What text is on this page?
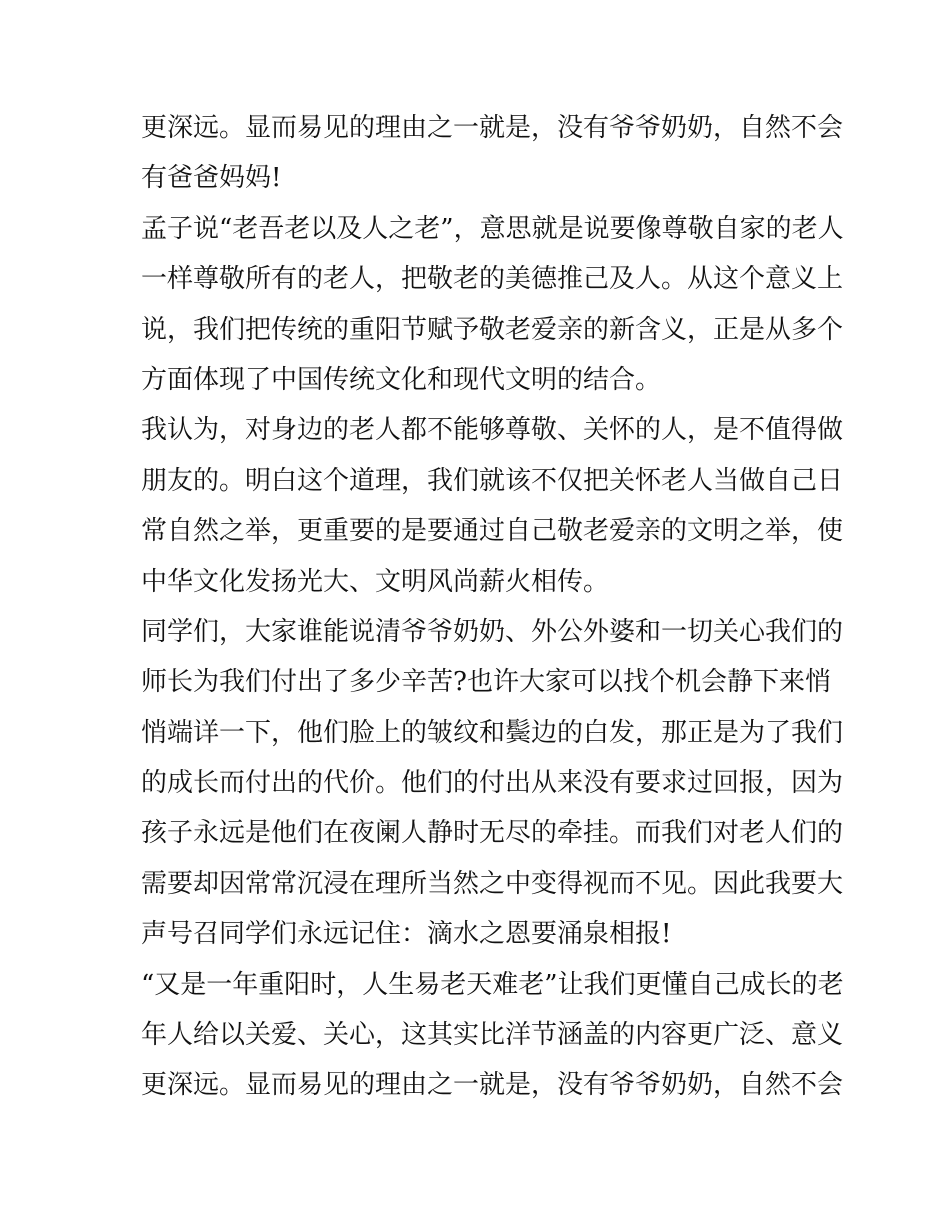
更深远。显而易见的理由之一就是，没有爷爷奶奶，自然不会
有爸爸妈妈!
孟子说“老吾老以及人之老”，意思就是说要像尊敬自家的老人
一样尊敬所有的老人，把敬老的美德推己及人。从这个意义上
说，我们把传统的重阳节赋予敬老爱亲的新含义，正是从多个
方面体现了中国传统文化和现代文明的结合。
我认为，对身边的老人都不能够尊敬、关怀的人，是不值得做
朋友的。明白这个道理，我们就该不仅把关怀老人当做自己日
常自然之举，更重要的是要通过自己敬老爱亲的文明之举，使
中华文化发扬光大、文明风尚薪火相传。
同学们，大家谁能说清爷爷奶奶、外公外婆和一切关心我们的
师长为我们付出了多少辛苦?也许大家可以找个机会静下来悄
悄端详一下，他们脸上的皱纹和鬓边的白发，那正是为了我们
的成长而付出的代价。他们的付出从来没有要求过回报，因为
孩子永远是他们在夜阑人静时无尽的牵挂。而我们对老人们的
需要却因常常沉浸在理所当然之中变得视而不见。因此我要大
声号召同学们永远记住：滴水之恩要涌泉相报!
“又是一年重阳时，人生易老天难老”让我们更懂自己成长的老
年人给以关爱、关心，这其实比洋节涵盖的内容更广泛、意义
更深远。显而易见的理由之一就是，没有爷爷奶奶，自然不会
